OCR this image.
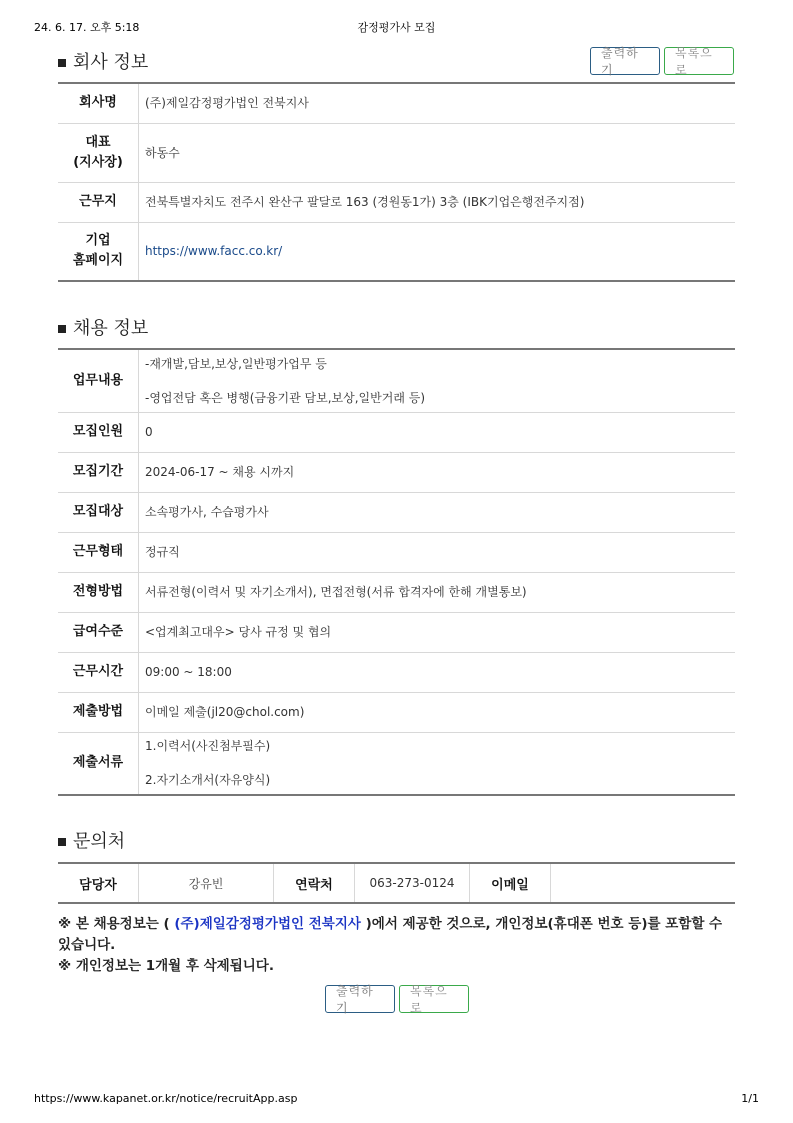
24. 6. 17. 오후 5:18	감정평가사 모집
회사 정보	출력하기
목록으로
회사명	(주)제일감정평가법인 전북지사

대표
(지사장)	하동수
근무지	전북특별자치도 전주시 완산구 팔달로 163 (경원동1가) 3층 (IBK기업은행전주지점)

기업
홈페이지	https://www.facc.co.kr/
채용 정보
업무내용	-재개발,담보,보상,일반평가업무 등

-영업전담 혹은 병행(금융기관 담보,보상,일반거래 등)

모집인원	0
모집기간	2024-06-17 ~ 채용 시까지
모집대상	소속평가사, 수습평가사
근무형태	정규직
전형방법	서류전형(이력서 및 자기소개서), 면접전형(서류 합격자에 한해 개별통보)
급여수준	<업계최고대우> 당사 규정 및 협의
근무시간	09:00 ~ 18:00
제출방법	이메일 제출(jl20@chol.com)
제출서류	1.이력서(사진첨부필수)

2.자기소개서(자유양식)

문의처
담당자	강유빈	연락처	063-273-0124	이메일	
※ 본 채용정보는 ( (주)제일감정평가법인 전북지사 )에서 제공한 것으로, 개인정보(휴대폰 번호 등)를 포함할 수 있습니다.
※ 개인정보는 1개월 후 삭제됩니다.
출력하기
목록으로
https://www.kapanet.or.kr/notice/recruitApp.asp	1/1
